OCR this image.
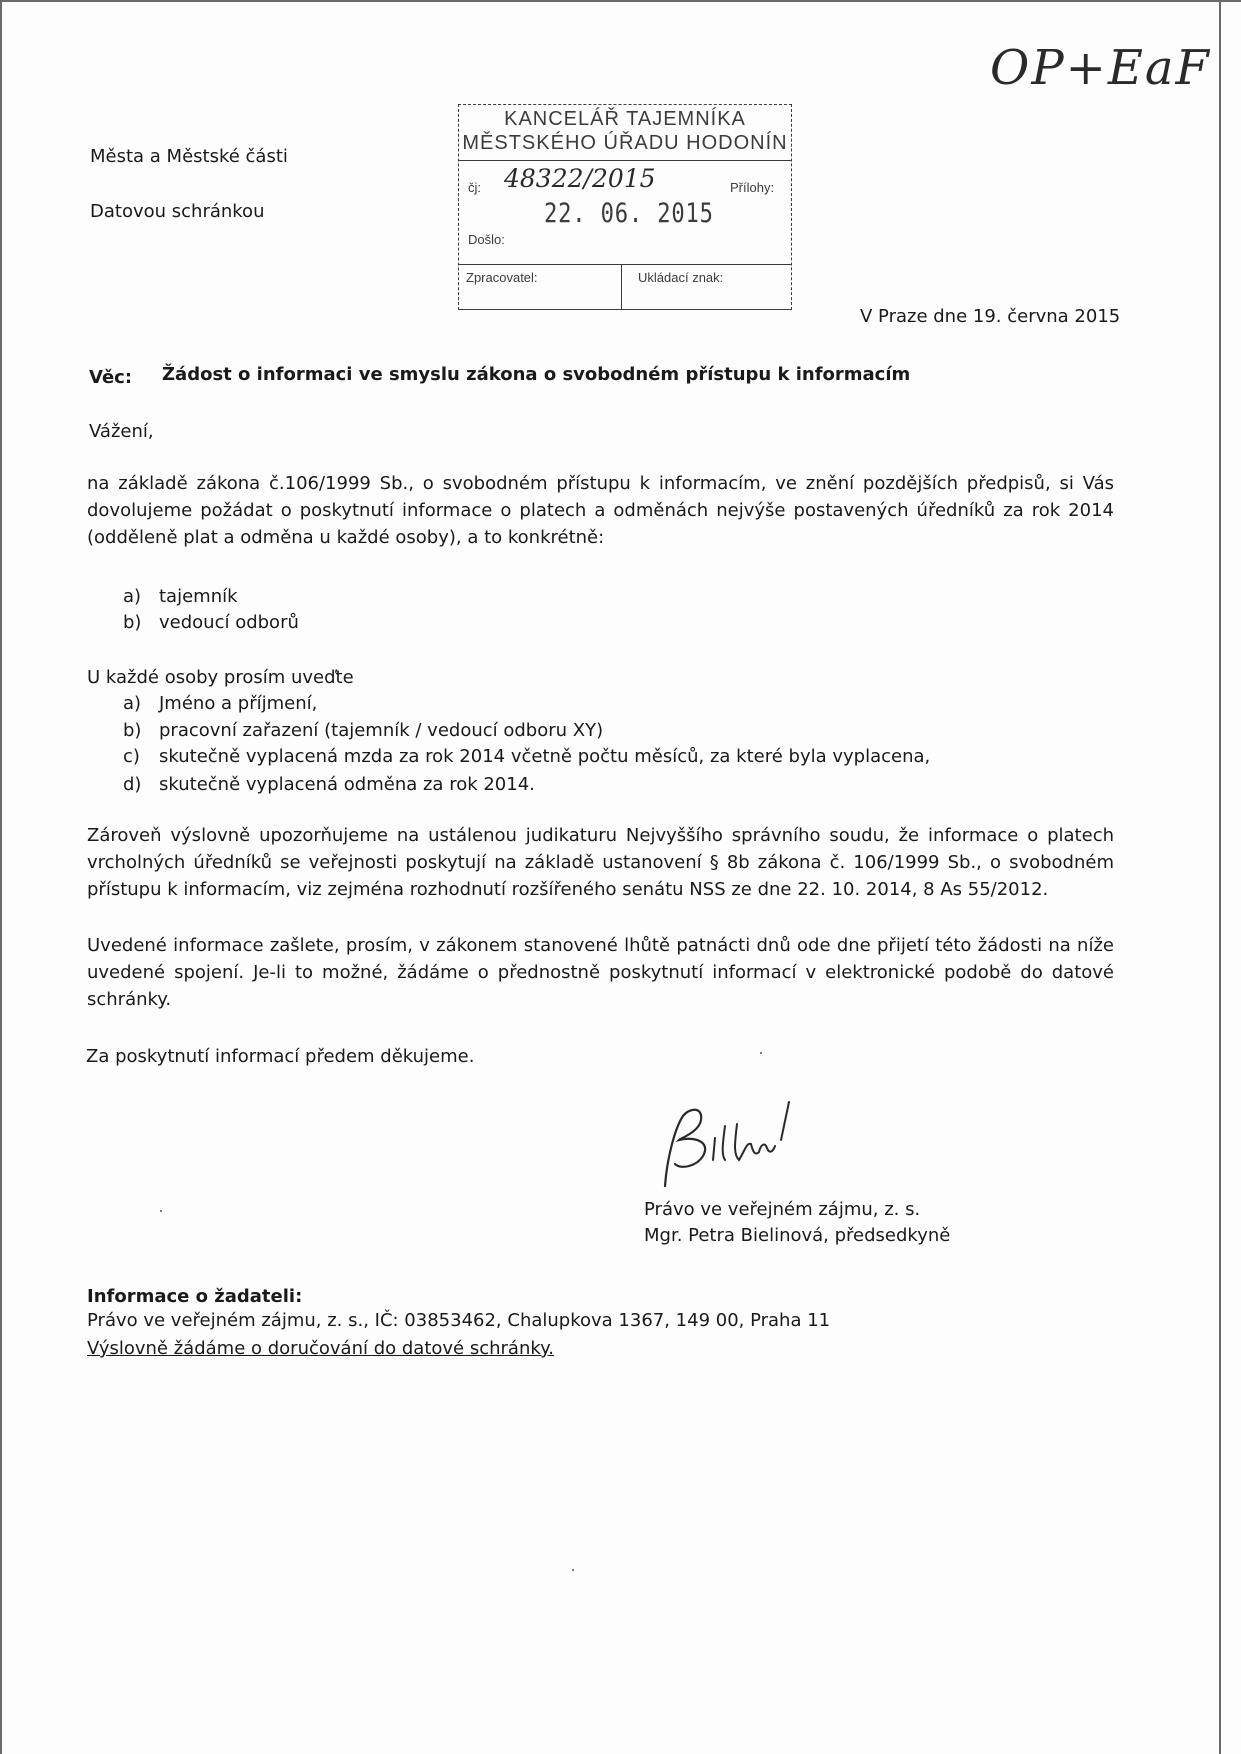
OP+EaF
Města a Městské části
Datovou schránkou
KANCELÁŘ TAJEMNÍKA
MĚSTSKÉHO ÚŘADU HODONÍN
čj: 48322/2015	Přílohy:
22. 06. 2015
Došlo:
Zpracovatel:	Ukládací znak:
V Praze dne 19. června 2015
Věc: Žádost o informaci ve smyslu zákona o svobodném přístupu k informacím
Vážení,
na základě zákona č.106/1999 Sb., o svobodném přístupu k informacím, ve znění pozdějších předpisů, si Vás dovolujeme požádat o poskytnutí informace o platech a odměnách nejvýše postavených úředníků za rok 2014 (odděleně plat a odměna u každé osoby), a to konkrétně:
a) tajemník
b) vedoucí odborů
U každé osoby prosím uveďte
a) Jméno a příjmení,
b) pracovní zařazení (tajemník / vedoucí odboru XY)
c) skutečně vyplacená mzda za rok 2014 včetně počtu měsíců, za které byla vyplacena,
d) skutečně vyplacená odměna za rok 2014.
Zároveň výslovně upozorňujeme na ustálenou judikaturu Nejvyššího správního soudu, že informace o platech vrcholných úředníků se veřejnosti poskytují na základě ustanovení § 8b zákona č. 106/1999 Sb., o svobodném přístupu k informacím, viz zejména rozhodnutí rozšířeného senátu NSS ze dne 22. 10. 2014, 8 As 55/2012.
Uvedené informace zašlete, prosím, v zákonem stanovené lhůtě patnácti dnů ode dne přijetí této žádosti na níže uvedené spojení. Je-li to možné, žádáme o přednostně poskytnutí informací v elektronické podobě do datové schránky.
Za poskytnutí informací předem děkujeme.
Právo ve veřejném zájmu, z. s.
Mgr. Petra Bielinová, předsedkyně
Informace o žadateli:
Právo ve veřejném zájmu, z. s., IČ: 03853462, Chalupkova 1367, 149 00, Praha 11
Výslovně žádáme o doručování do datové schránky.
